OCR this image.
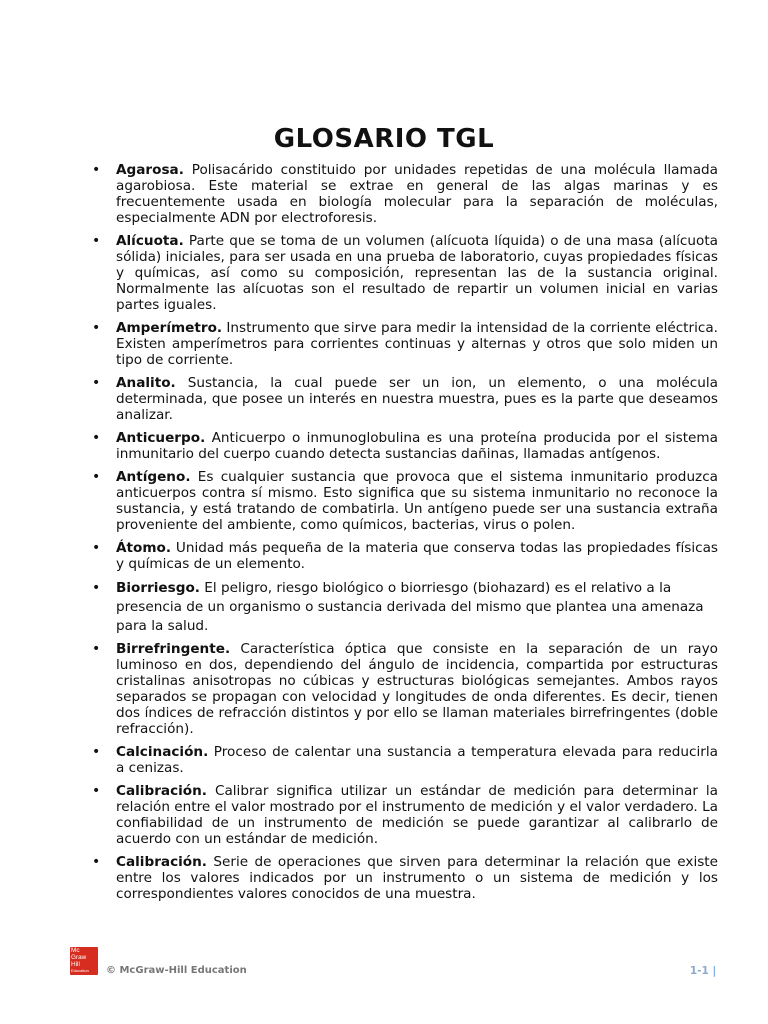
GLOSARIO TGL
• Agarosa. Polisacárido constituido por unidades repetidas de una molécula llamada agarobiosa. Este material se extrae en general de las algas marinas y es frecuentemente usada en biología molecular para la separación de moléculas, especialmente ADN por electroforesis.
• Alícuota. Parte que se toma de un volumen (alícuota líquida) o de una masa (alícuota sólida) iniciales, para ser usada en una prueba de laboratorio, cuyas propiedades físicas y químicas, así como su composición, representan las de la sustancia original. Normalmente las alícuotas son el resultado de repartir un volumen inicial en varias partes iguales.
• Amperímetro. Instrumento que sirve para medir la intensidad de la corriente eléctrica. Existen amperímetros para corrientes continuas y alternas y otros que solo miden un tipo de corriente.
• Analito. Sustancia, la cual puede ser un ion, un elemento, o una molécula determinada, que posee un interés en nuestra muestra, pues es la parte que deseamos analizar.
• Anticuerpo. Anticuerpo o inmunoglobulina es una proteína producida por el sistema inmunitario del cuerpo cuando detecta sustancias dañinas, llamadas antígenos.
• Antígeno. Es cualquier sustancia que provoca que el sistema inmunitario produzca anticuerpos contra sí mismo. Esto significa que su sistema inmunitario no reconoce la sustancia, y está tratando de combatirla. Un antígeno puede ser una sustancia extraña proveniente del ambiente, como químicos, bacterias, virus o polen.
• Átomo. Unidad más pequeña de la materia que conserva todas las propiedades físicas y químicas de un elemento.
• Biorriesgo. El peligro, riesgo biológico o biorriesgo (biohazard) es el relativo a la presencia de un organismo o sustancia derivada del mismo que plantea una amenaza para la salud.
• Birrefringente. Característica óptica que consiste en la separación de un rayo luminoso en dos, dependiendo del ángulo de incidencia, compartida por estructuras cristalinas anisotropas no cúbicas y estructuras biológicas semejantes. Ambos rayos separados se propagan con velocidad y longitudes de onda diferentes. Es decir, tienen dos índices de refracción distintos y por ello se llaman materiales birrefringentes (doble refracción).
• Calcinación. Proceso de calentar una sustancia a temperatura elevada para reducirla a cenizas.
• Calibración. Calibrar significa utilizar un estándar de medición para determinar la relación entre el valor mostrado por el instrumento de medición y el valor verdadero. La confiabilidad de un instrumento de medición se puede garantizar al calibrarlo de acuerdo con un estándar de medición.
• Calibración. Serie de operaciones que sirven para determinar la relación que existe entre los valores indicados por un instrumento o un sistema de medición y los correspondientes valores conocidos de una muestra.
Mc
Graw
Hill
Education	© McGraw-Hill Education	1-1 |
